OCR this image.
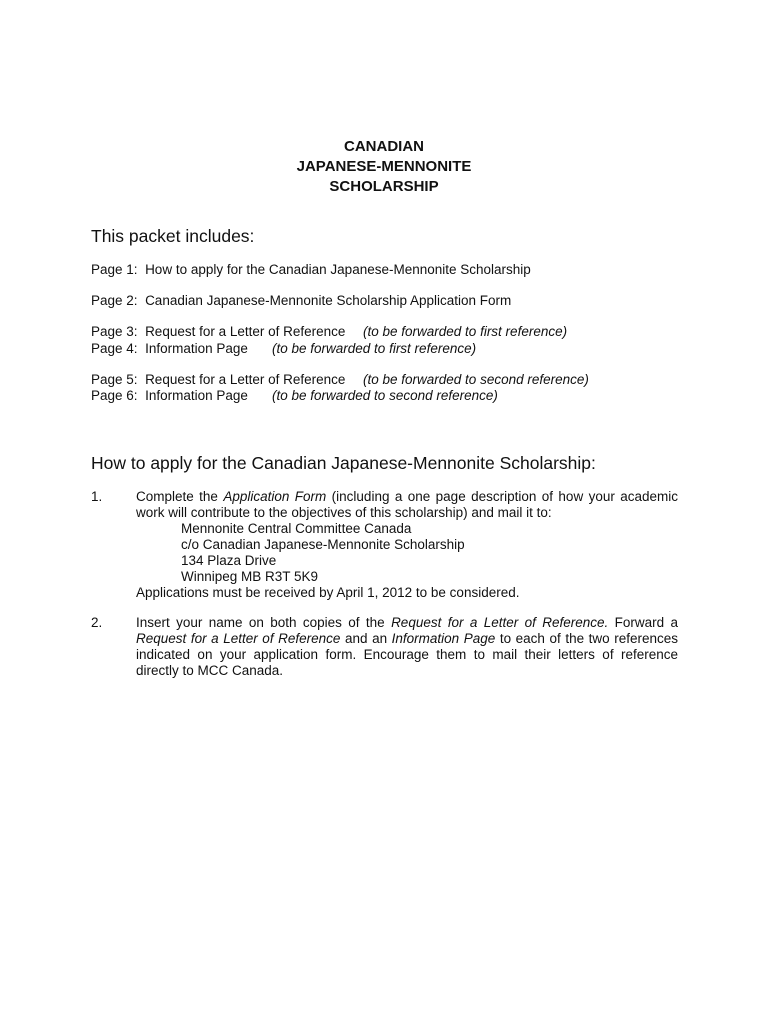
CANADIAN
JAPANESE-MENNONITE
SCHOLARSHIP
This packet includes:
Page 1: How to apply for the Canadian Japanese-Mennonite Scholarship
Page 2: Canadian Japanese-Mennonite Scholarship Application Form
Page 3: Request for a Letter of Reference (to be forwarded to first reference)
Page 4: Information Page (to be forwarded to first reference)
Page 5: Request for a Letter of Reference (to be forwarded to second reference)
Page 6: Information Page (to be forwarded to second reference)
How to apply for the Canadian Japanese-Mennonite Scholarship:
1. Complete the Application Form (including a one page description of how your academic
work will contribute to the objectives of this scholarship) and mail it to:
Mennonite Central Committee Canada
c/o Canadian Japanese-Mennonite Scholarship
134 Plaza Drive
Winnipeg MB R3T 5K9
Applications must be received by April 1, 2012 to be considered.
2. Insert your name on both copies of the Request for a Letter of Reference. Forward a Request for a Letter of Reference and an Information Page to each of the two references indicated on your application form. Encourage them to mail their letters of reference directly to MCC Canada.
